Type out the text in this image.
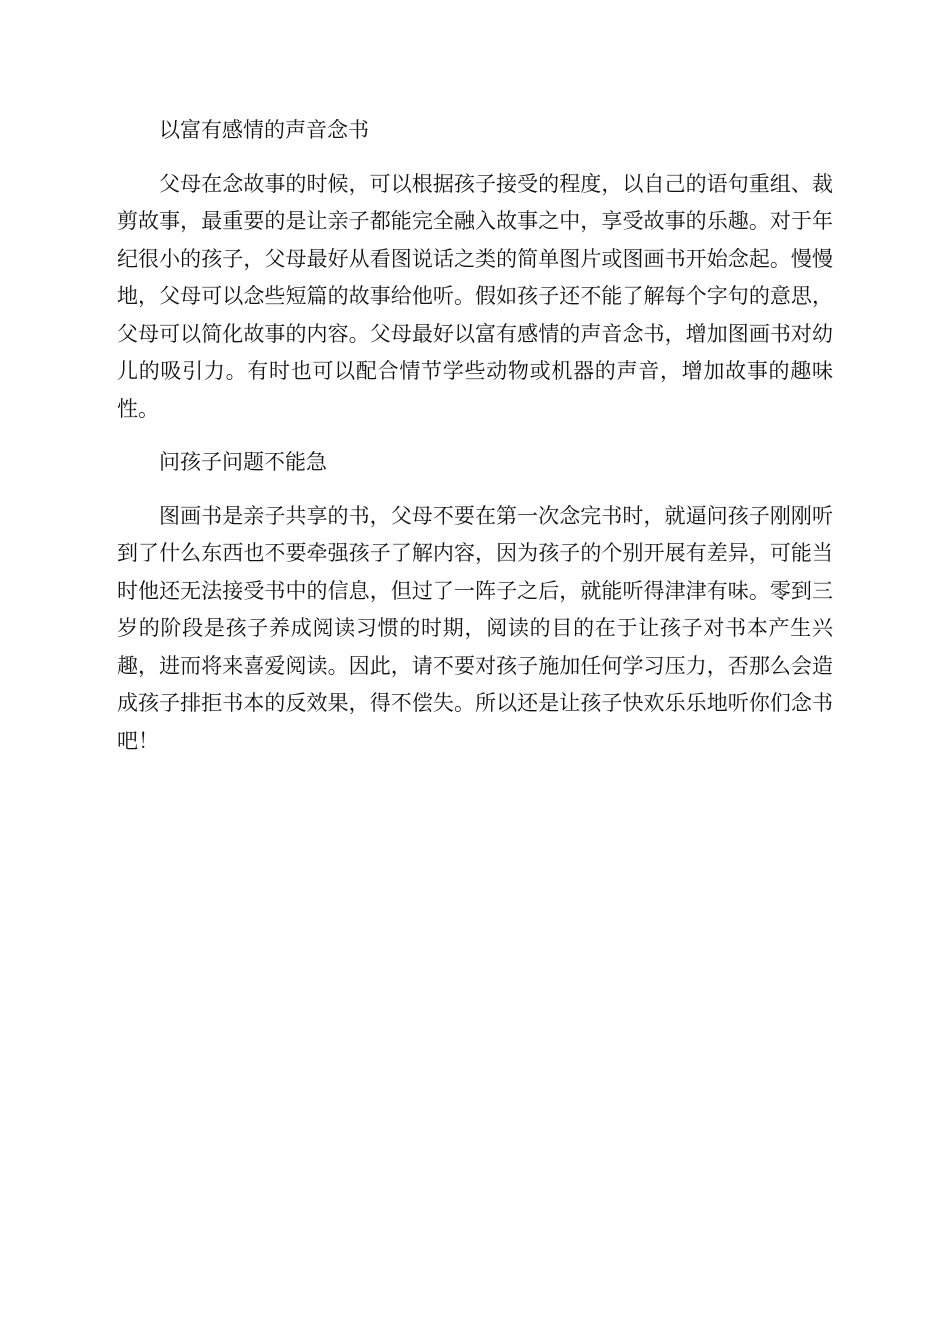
以富有感情的声音念书

父母在念故事的时候，可以根据孩子接受的程度，以自己的语句重组、裁剪故事，最重要的是让亲子都能完全融入故事之中，享受故事的乐趣。对于年纪很小的孩子，父母最好从看图说话之类的简单图片或图画书开始念起。慢慢地，父母可以念些短篇的故事给他听。假如孩子还不能了解每个字句的意思，父母可以简化故事的内容。父母最好以富有感情的声音念书，增加图画书对幼儿的吸引力。有时也可以配合情节学些动物或机器的声音，增加故事的趣味性。

问孩子问题不能急

图画书是亲子共享的书，父母不要在第一次念完书时，就逼问孩子刚刚听到了什么东西也不要牵强孩子了解内容，因为孩子的个别开展有差异，可能当时他还无法接受书中的信息，但过了一阵子之后，就能听得津津有味。零到三岁的阶段是孩子养成阅读习惯的时期，阅读的目的在于让孩子对书本产生兴趣，进而将来喜爱阅读。因此，请不要对孩子施加任何学习压力，否那么会造成孩子排拒书本的反效果，得不偿失。所以还是让孩子快欢乐乐地听你们念书吧！
